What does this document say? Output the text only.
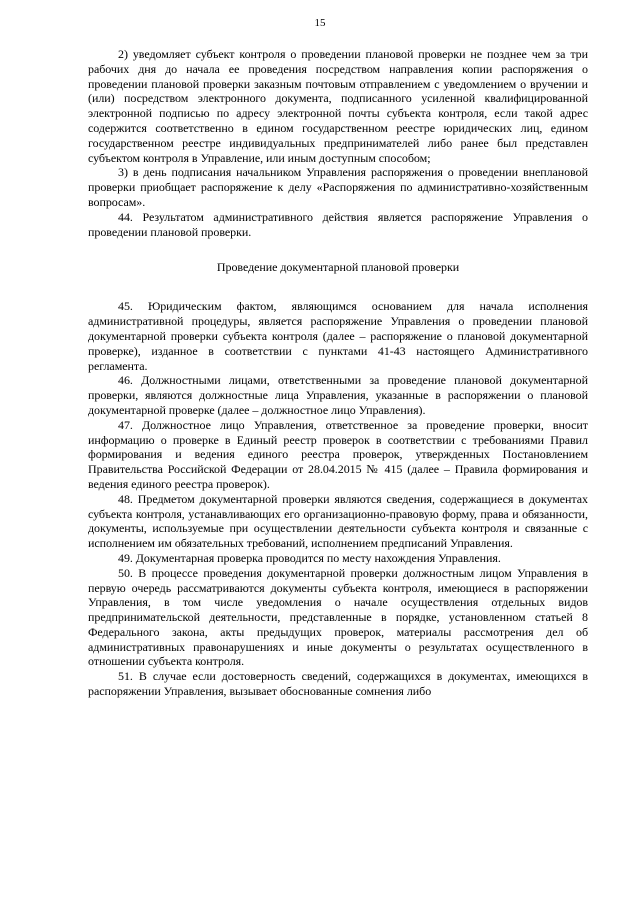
15

2) уведомляет субъект контроля о проведении плановой проверки не позднее чем за три рабочих дня до начала ее проведения посредством направления копии распоряжения о проведении плановой проверки заказным почтовым отправлением с уведомлением о вручении и (или) посредством электронного документа, подписанного усиленной квалифицированной электронной подписью по адресу электронной почты субъекта контроля, если такой адрес содержится соответственно в едином государственном реестре юридических лиц, едином государственном реестре индивидуальных предпринимателей либо ранее был представлен субъектом контроля в Управление, или иным доступным способом;

3) в день подписания начальником Управления распоряжения о проведении внеплановой проверки приобщает распоряжение к делу «Распоряжения по административно-хозяйственным вопросам».

44. Результатом административного действия является распоряжение Управления о проведении плановой проверки.

Проведение документарной плановой проверки

45. Юридическим фактом, являющимся основанием для начала исполнения административной процедуры, является распоряжение Управления о проведении плановой документарной проверки субъекта контроля (далее – распоряжение о плановой документарной проверке), изданное в соответствии с пунктами 41-43 настоящего Административного регламента.

46. Должностными лицами, ответственными за проведение плановой документарной проверки, являются должностные лица Управления, указанные в распоряжении о плановой документарной проверке (далее – должностное лицо Управления).

47. Должностное лицо Управления, ответственное за проведение проверки, вносит информацию о проверке в Единый реестр проверок в соответствии с требованиями Правил формирования и ведения единого реестра проверок, утвержденных Постановлением Правительства Российской Федерации от 28.04.2015 № 415 (далее – Правила формирования и ведения единого реестра проверок).

48. Предметом документарной проверки являются сведения, содержащиеся в документах субъекта контроля, устанавливающих его организационно-правовую форму, права и обязанности, документы, используемые при осуществлении деятельности субъекта контроля и связанные с исполнением им обязательных требований, исполнением предписаний Управления.

49. Документарная проверка проводится по месту нахождения Управления.

50. В процессе проведения документарной проверки должностным лицом Управления в первую очередь рассматриваются документы субъекта контроля, имеющиеся в распоряжении Управления, в том числе уведомления о начале осуществления отдельных видов предпринимательской деятельности, представленные в порядке, установленном статьей 8 Федерального закона, акты предыдущих проверок, материалы рассмотрения дел об административных правонарушениях и иные документы о результатах осуществленного в отношении субъекта контроля.

51. В случае если достоверность сведений, содержащихся в документах, имеющихся в распоряжении Управления, вызывает обоснованные сомнения либо
